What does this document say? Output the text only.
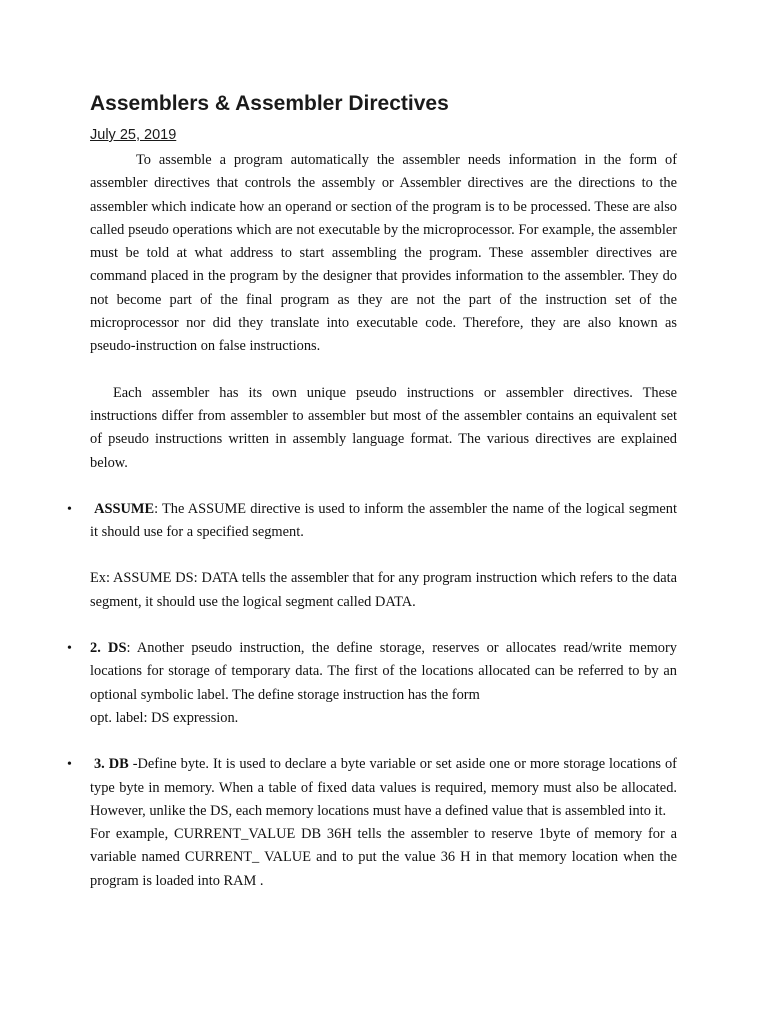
Assemblers & Assembler Directives
July 25, 2019

To assemble a program automatically the assembler needs information in the form of assembler directives that controls the assembly or Assembler directives are the directions to the assembler which indicate how an operand or section of the program is to be processed. These are also called pseudo operations which are not executable by the microprocessor. For example, the assembler must be told at what address to start assembling the program. These assembler directives are command placed in the program by the designer that provides information to the assembler. They do not become part of the final program as they are not the part of the instruction set of the microprocessor nor did they translate into executable code. Therefore, they are also known as pseudo-instruction on false instructions.

Each assembler has its own unique pseudo instructions or assembler directives. These instructions differ from assembler to assembler but most of the assembler contains an equivalent set of pseudo instructions written in assembly language format. The various directives are explained below.

• ASSUME: The ASSUME directive is used to inform the assembler the name of the logical segment it should use for a specified segment.

Ex: ASSUME DS: DATA tells the assembler that for any program instruction which refers to the data segment, it should use the logical segment called DATA.

• 2. DS: Another pseudo instruction, the define storage, reserves or allocates read/write memory locations for storage of temporary data. The first of the locations allocated can be referred to by an optional symbolic label. The define storage instruction has the form

opt. label: DS expression.

• 3. DB -Define byte. It is used to declare a byte variable or set aside one or more storage locations of type byte in memory. When a table of fixed data values is required, memory must also be allocated. However, unlike the DS, each memory locations must have a defined value that is assembled into it.

For example, CURRENT_VALUE DB 36H tells the assembler to reserve 1byte of memory for a variable named CURRENT_ VALUE and to put the value 36 H in that memory location when the program is loaded into RAM .
